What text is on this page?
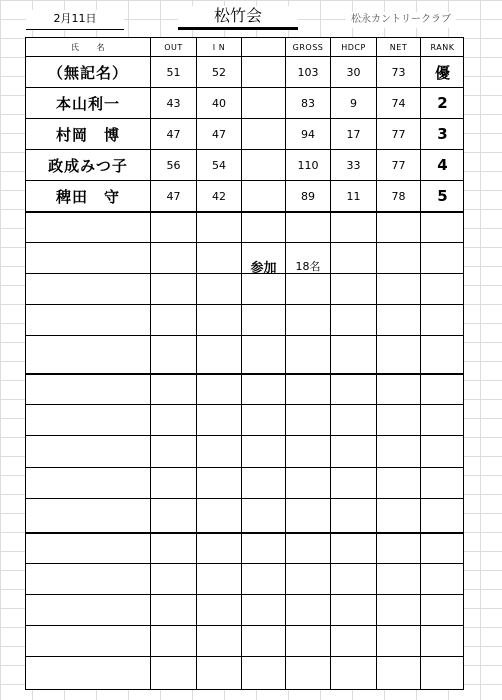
2月11日	松竹会	松永カントリークラブ
氏　　名	OUT	I N	GROSS	HDCP	NET	RANK
（無記名）	51	52	103	30	73	優
本山利一	43	40	83	9	74	2
村岡　博	47	47	94	17	77	3
政成みつ子	56	54	110	33	77	4
稗田　守	47	42	89	11	78	5
参加	18名
